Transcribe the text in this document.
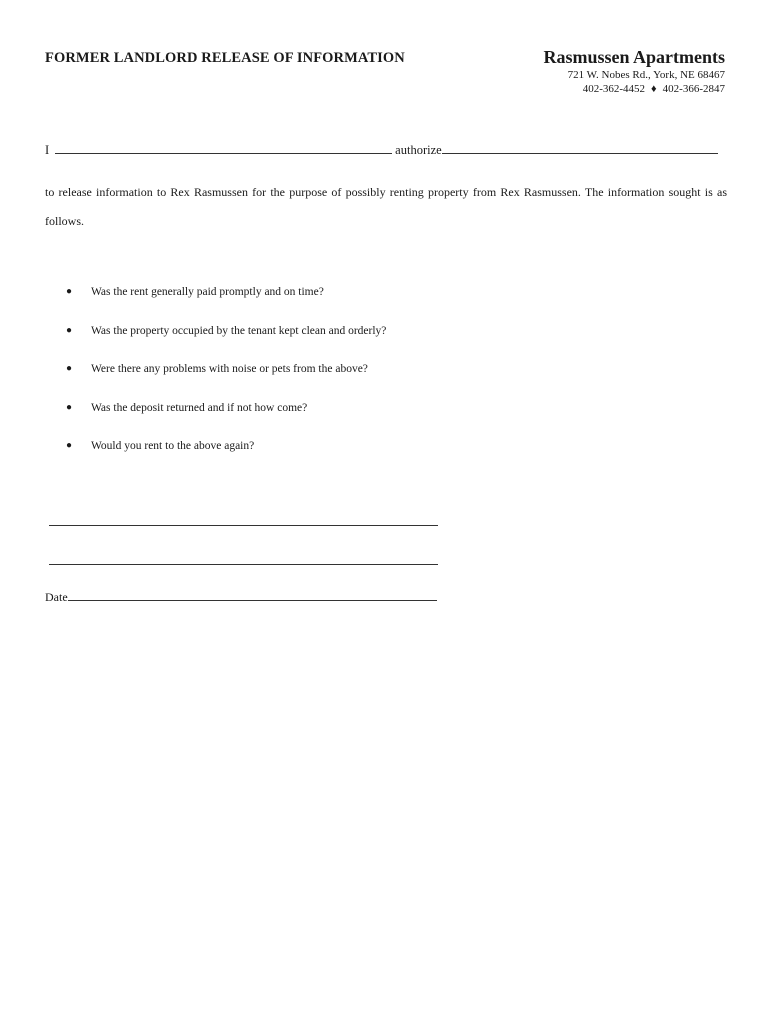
FORMER LANDLORD RELEASE OF INFORMATION	Rasmussen Apartments
721 W. Nobes Rd., York, NE 68467
402-362-4452 ♦ 402-366-2847
I	authorize
to release information to Rex Rasmussen for the purpose of possibly renting property from Rex Rasmussen. The information sought is as follows.
●	Was the rent generally paid promptly and on time?
●	Was the property occupied by the tenant kept clean and orderly?
●	Were there any problems with noise or pets from the above?
●	Was the deposit returned and if not how come?
●	Would you rent to the above again?
Date
